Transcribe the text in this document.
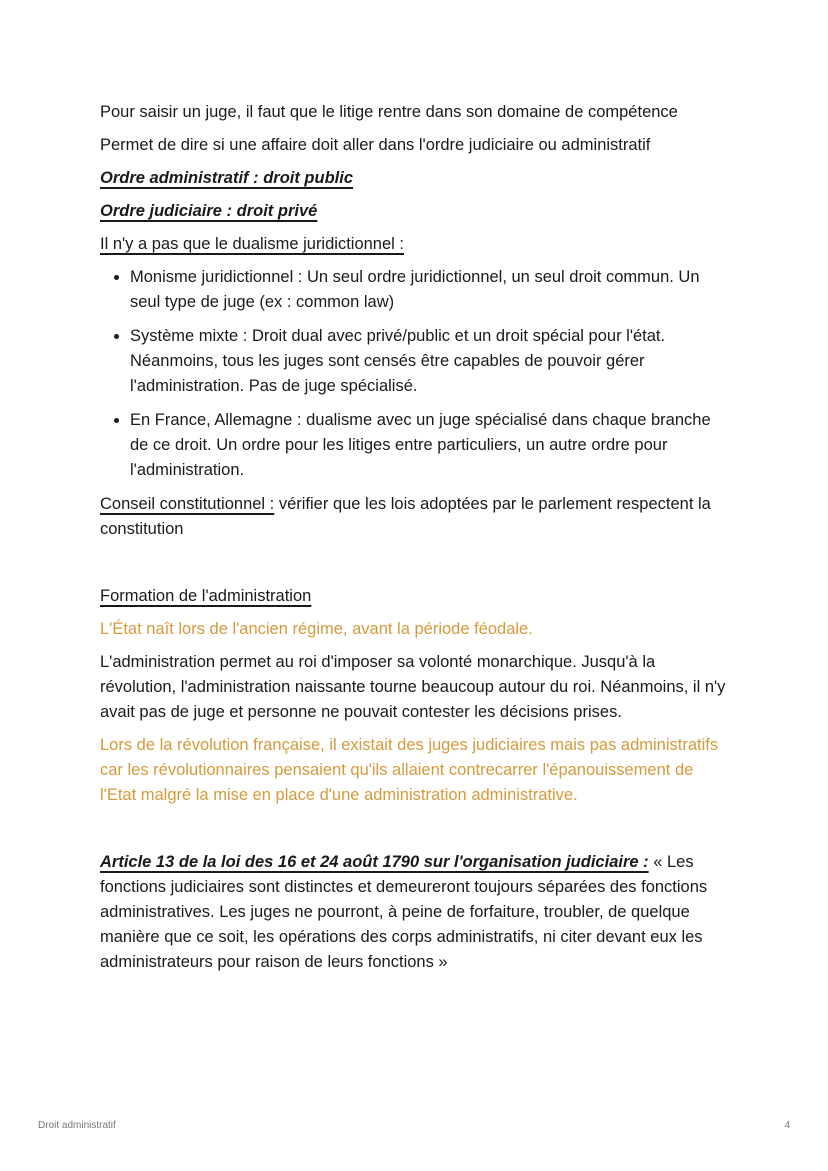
Pour saisir un juge, il faut que le litige rentre dans son domaine de compétence

Permet de dire si une affaire doit aller dans l'ordre judiciaire ou administratif

Ordre administratif : droit public

Ordre judiciaire : droit privé

Il n'y a pas que le dualisme juridictionnel :

• Monisme juridictionnel : Un seul ordre juridictionnel, un seul droit commun. Un seul type de juge (ex : common law)
• Système mixte : Droit dual avec privé/public et un droit spécial pour l'état. Néanmoins, tous les juges sont censés être capables de pouvoir gérer l'administration. Pas de juge spécialisé.
• En France, Allemagne : dualisme avec un juge spécialisé dans chaque branche de ce droit. Un ordre pour les litiges entre particuliers, un autre ordre pour l'administration.

Conseil constitutionnel : vérifier que les lois adoptées par le parlement respectent la constitution

Formation de l'administration

L'État naît lors de l'ancien régime, avant la période féodale.

L'administration permet au roi d'imposer sa volonté monarchique. Jusqu'à la révolution, l'administration naissante tourne beaucoup autour du roi. Néanmoins, il n'y avait pas de juge et personne ne pouvait contester les décisions prises.

Lors de la révolution française, il existait des juges judiciaires mais pas administratifs car les révolutionnaires pensaient qu'ils allaient contrecarrer l'épanouissement de l'Etat malgré la mise en place d'une administration administrative.

Article 13 de la loi des 16 et 24 août 1790 sur l'organisation judiciaire : « Les fonctions judiciaires sont distinctes et demeureront toujours séparées des fonctions administratives. Les juges ne pourront, à peine de forfaiture, troubler, de quelque manière que ce soit, les opérations des corps administratifs, ni citer devant eux les administrateurs pour raison de leurs fonctions »

Droit administratif	4
